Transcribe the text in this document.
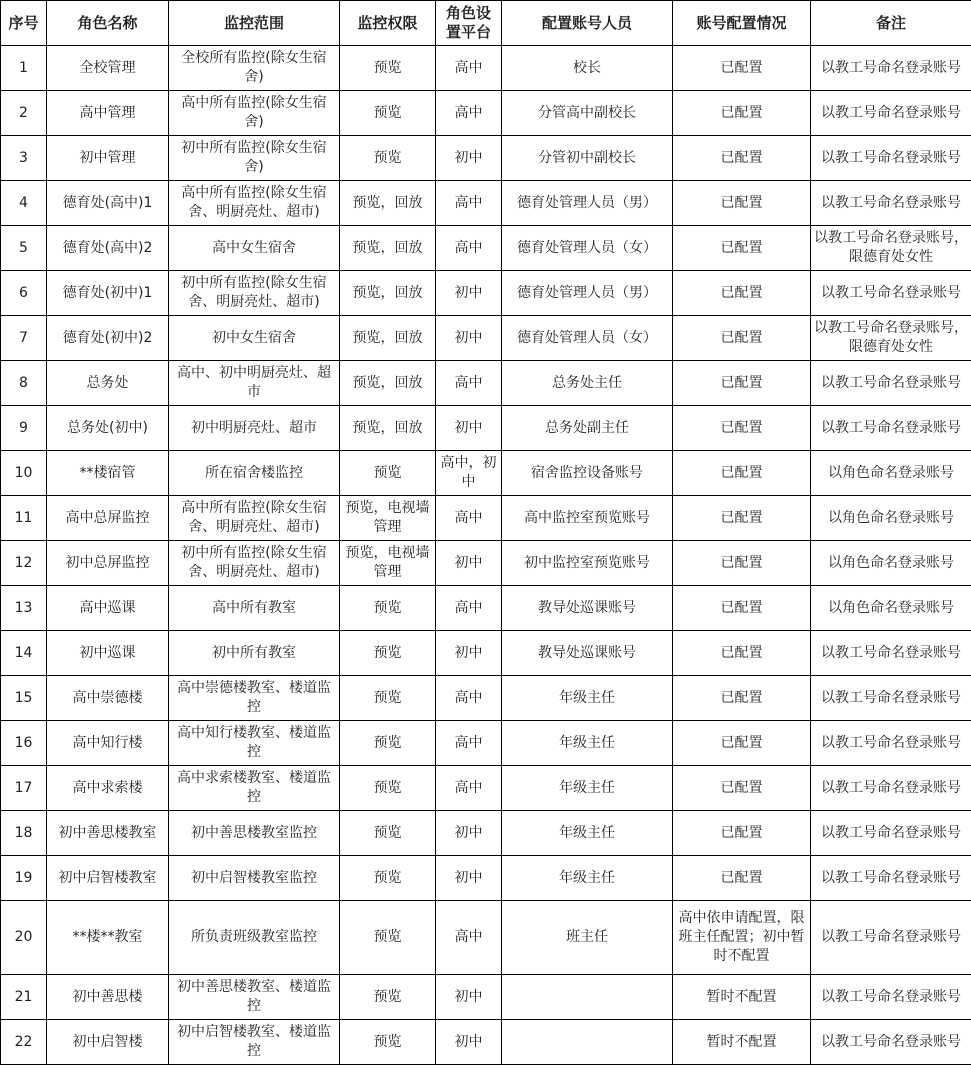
序号	角色名称	监控范围	监控权限	角色设置平台	配置账号人员	账号配置情况	备注
1	全校管理	全校所有监控(除女生宿舍)	预览	高中	校长	已配置	以教工号命名登录账号
2	高中管理	高中所有监控(除女生宿舍)	预览	高中	分管高中副校长	已配置	以教工号命名登录账号
3	初中管理	初中所有监控(除女生宿舍)	预览	初中	分管初中副校长	已配置	以教工号命名登录账号
4	德育处(高中)1	高中所有监控(除女生宿舍、明厨亮灶、超市)	预览，回放	高中	德育处管理人员（男）	已配置	以教工号命名登录账号
5	德育处(高中)2	高中女生宿舍	预览，回放	高中	德育处管理人员（女）	已配置	以教工号命名登录账号，限德育处女性
6	德育处(初中)1	初中所有监控(除女生宿舍、明厨亮灶、超市)	预览，回放	初中	德育处管理人员（男）	已配置	以教工号命名登录账号
7	德育处(初中)2	初中女生宿舍	预览，回放	初中	德育处管理人员（女）	已配置	以教工号命名登录账号，限德育处女性
8	总务处	高中、初中明厨亮灶、超市	预览，回放	高中	总务处主任	已配置	以教工号命名登录账号
9	总务处(初中)	初中明厨亮灶、超市	预览，回放	初中	总务处副主任	已配置	以教工号命名登录账号
10	**楼宿管	所在宿舍楼监控	预览	高中，初中	宿舍监控设备账号	已配置	以角色命名登录账号
11	高中总屏监控	高中所有监控(除女生宿舍、明厨亮灶、超市)	预览，电视墙管理	高中	高中监控室预览账号	已配置	以角色命名登录账号
12	初中总屏监控	初中所有监控(除女生宿舍、明厨亮灶、超市)	预览，电视墙管理	初中	初中监控室预览账号	已配置	以角色命名登录账号
13	高中巡课	高中所有教室	预览	高中	教导处巡课账号	已配置	以角色命名登录账号
14	初中巡课	初中所有教室	预览	初中	教导处巡课账号	已配置	以教工号命名登录账号
15	高中崇德楼	高中崇德楼教室、楼道监控	预览	高中	年级主任	已配置	以教工号命名登录账号
16	高中知行楼	高中知行楼教室、楼道监控	预览	高中	年级主任	已配置	以教工号命名登录账号
17	高中求索楼	高中求索楼教室、楼道监控	预览	高中	年级主任	已配置	以教工号命名登录账号
18	初中善思楼教室	初中善思楼教室监控	预览	初中	年级主任	已配置	以教工号命名登录账号
19	初中启智楼教室	初中启智楼教室监控	预览	初中	年级主任	已配置	以教工号命名登录账号
20	**楼**教室	所负责班级教室监控	预览	高中	班主任	高中依申请配置，限班主任配置；初中暂时不配置	以教工号命名登录账号
21	初中善思楼	初中善思楼教室、楼道监控	预览	初中		暂时不配置	以教工号命名登录账号
22	初中启智楼	初中启智楼教室、楼道监控	预览	初中		暂时不配置	以教工号命名登录账号
